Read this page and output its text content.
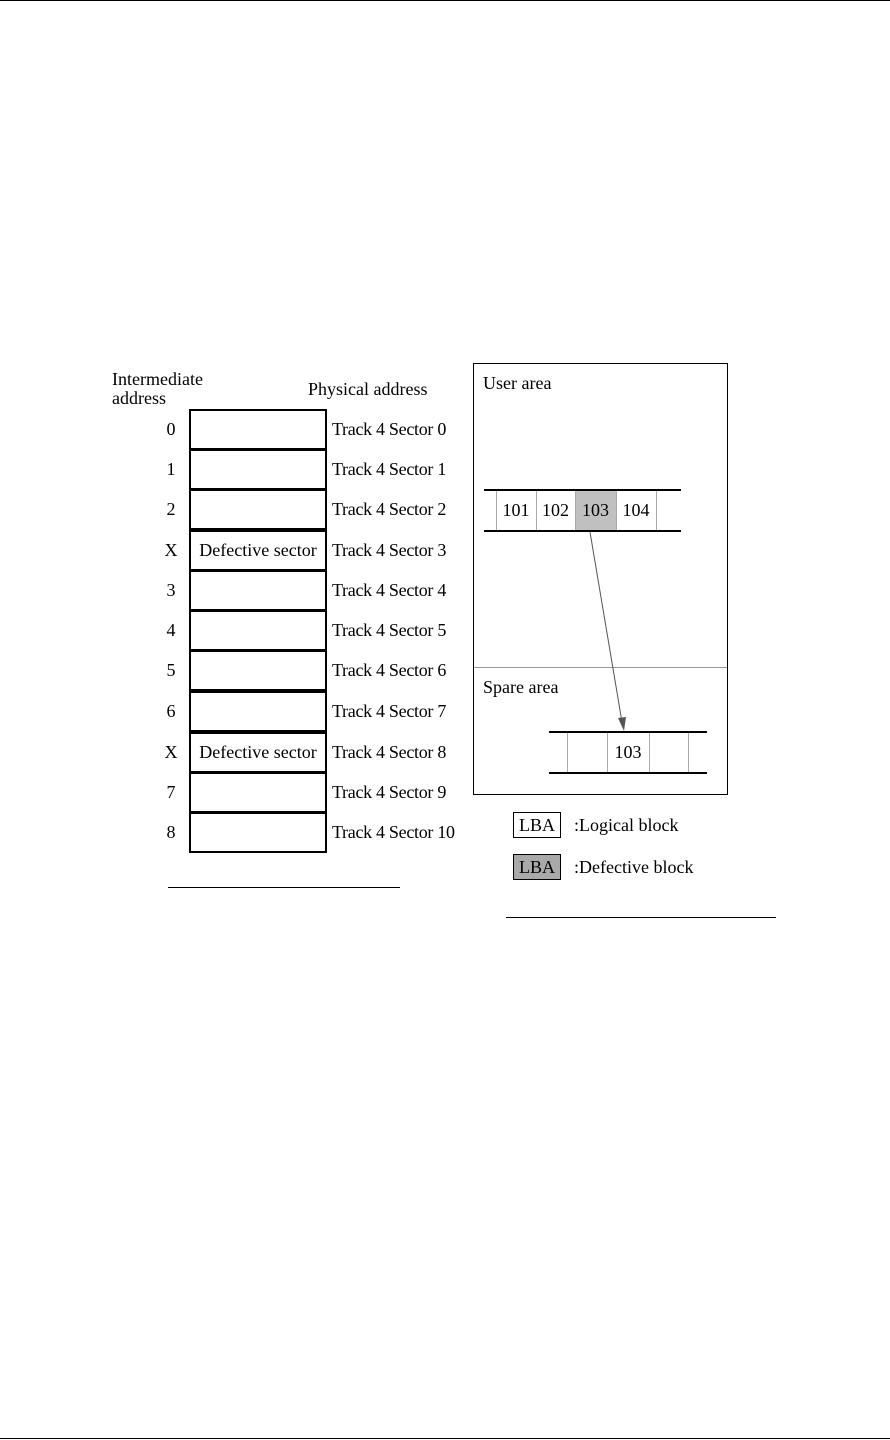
Intermediate
address	Physical address
0	Track 4 Sector 0
1	Track 4 Sector 1
2	Track 4 Sector 2
X	Defective sector Track 4 Sector 3
3	Track 4 Sector 4
4	Track 4 Sector 5
5	Track 4 Sector 6
6	Track 4 Sector 7
X	Defective sector Track 4 Sector 8
7	Track 4 Sector 9
8	Track 4 Sector 10
User area
Spare area
101 102 103 104
103
LBA	:Logical block
LBA	:Defective block
